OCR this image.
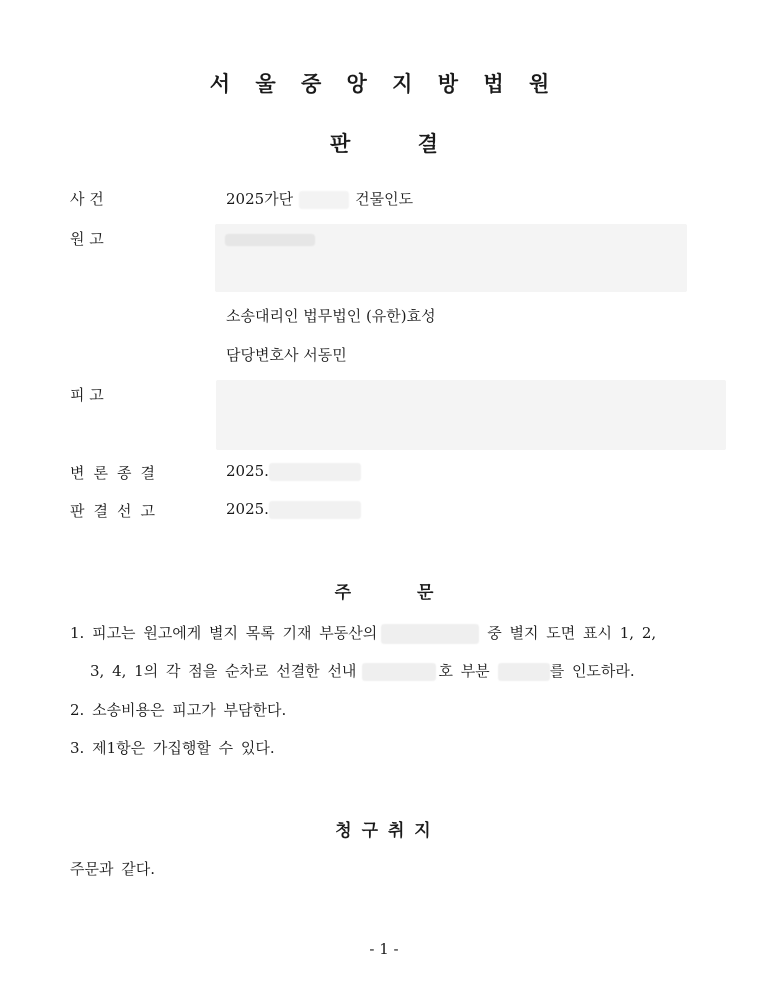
서 울 중 앙 지 방 법 원
판 결
사 건	2025가단	건물인도
원 고
소송대리인 법무법인 (유한)효성
담당변호사 서동민
피 고
변론종결	2025.
판결선고	2025.
주 문
1. 피고는 원고에게 별지 목록 기재 부동산의	중 별지 도면 표시 1, 2,
3, 4, 1의 각 점을 순차로 선결한 선내	호 부분	를 인도하라.
2. 소송비용은 피고가 부담한다.
3. 제1항은 가집행할 수 있다.
청 구 취 지
주문과 같다.
- 1 -
